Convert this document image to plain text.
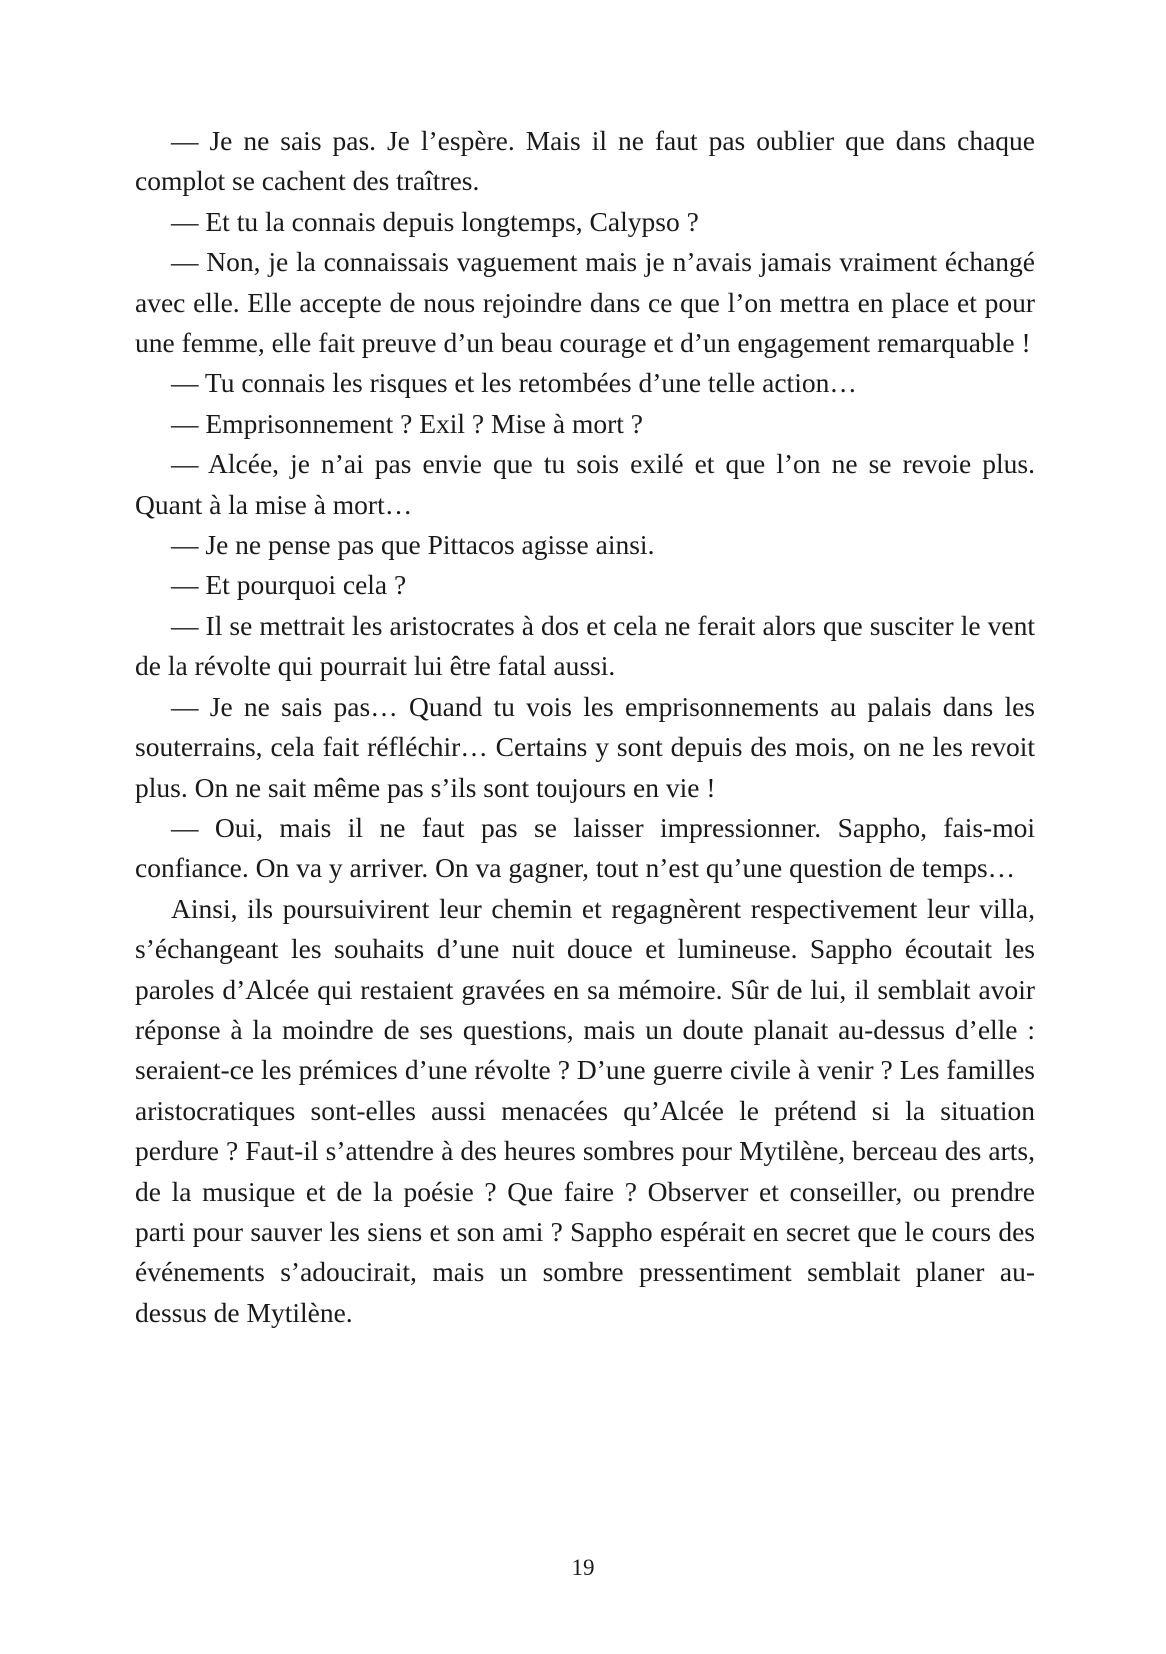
— Je ne sais pas. Je l’espère. Mais il ne faut pas oublier que dans chaque complot se cachent des traîtres.

— Et tu la connais depuis longtemps, Calypso ?

— Non, je la connaissais vaguement mais je n’avais jamais vraiment échangé avec elle. Elle accepte de nous rejoindre dans ce que l’on mettra en place et pour une femme, elle fait preuve d’un beau courage et d’un engagement remarquable !

— Tu connais les risques et les retombées d’une telle action…

— Emprisonnement ? Exil ? Mise à mort ?

— Alcée, je n’ai pas envie que tu sois exilé et que l’on ne se revoie plus. Quant à la mise à mort…

— Je ne pense pas que Pittacos agisse ainsi.

— Et pourquoi cela ?

— Il se mettrait les aristocrates à dos et cela ne ferait alors que susciter le vent de la révolte qui pourrait lui être fatal aussi.

— Je ne sais pas… Quand tu vois les emprisonnements au palais dans les souterrains, cela fait réfléchir… Certains y sont depuis des mois, on ne les revoit plus. On ne sait même pas s’ils sont toujours en vie !

— Oui, mais il ne faut pas se laisser impressionner. Sappho, fais-moi confiance. On va y arriver. On va gagner, tout n’est qu’une question de temps…

Ainsi, ils poursuivirent leur chemin et regagnèrent respectivement leur villa, s’échangeant les souhaits d’une nuit douce et lumineuse. Sappho écoutait les paroles d’Alcée qui restaient gravées en sa mémoire. Sûr de lui, il semblait avoir réponse à la moindre de ses questions, mais un doute planait au-dessus d’elle : seraient-ce les prémices d’une révolte ? D’une guerre civile à venir ? Les familles aristocratiques sont-elles aussi menacées qu’Alcée le prétend si la situation perdure ? Faut-il s’attendre à des heures sombres pour Mytilène, berceau des arts, de la musique et de la poésie ? Que faire ? Observer et conseiller, ou prendre parti pour sauver les siens et son ami ? Sappho espérait en secret que le cours des événements s’adoucirait, mais un sombre pressentiment semblait planer au-dessus de Mytilène.

19
